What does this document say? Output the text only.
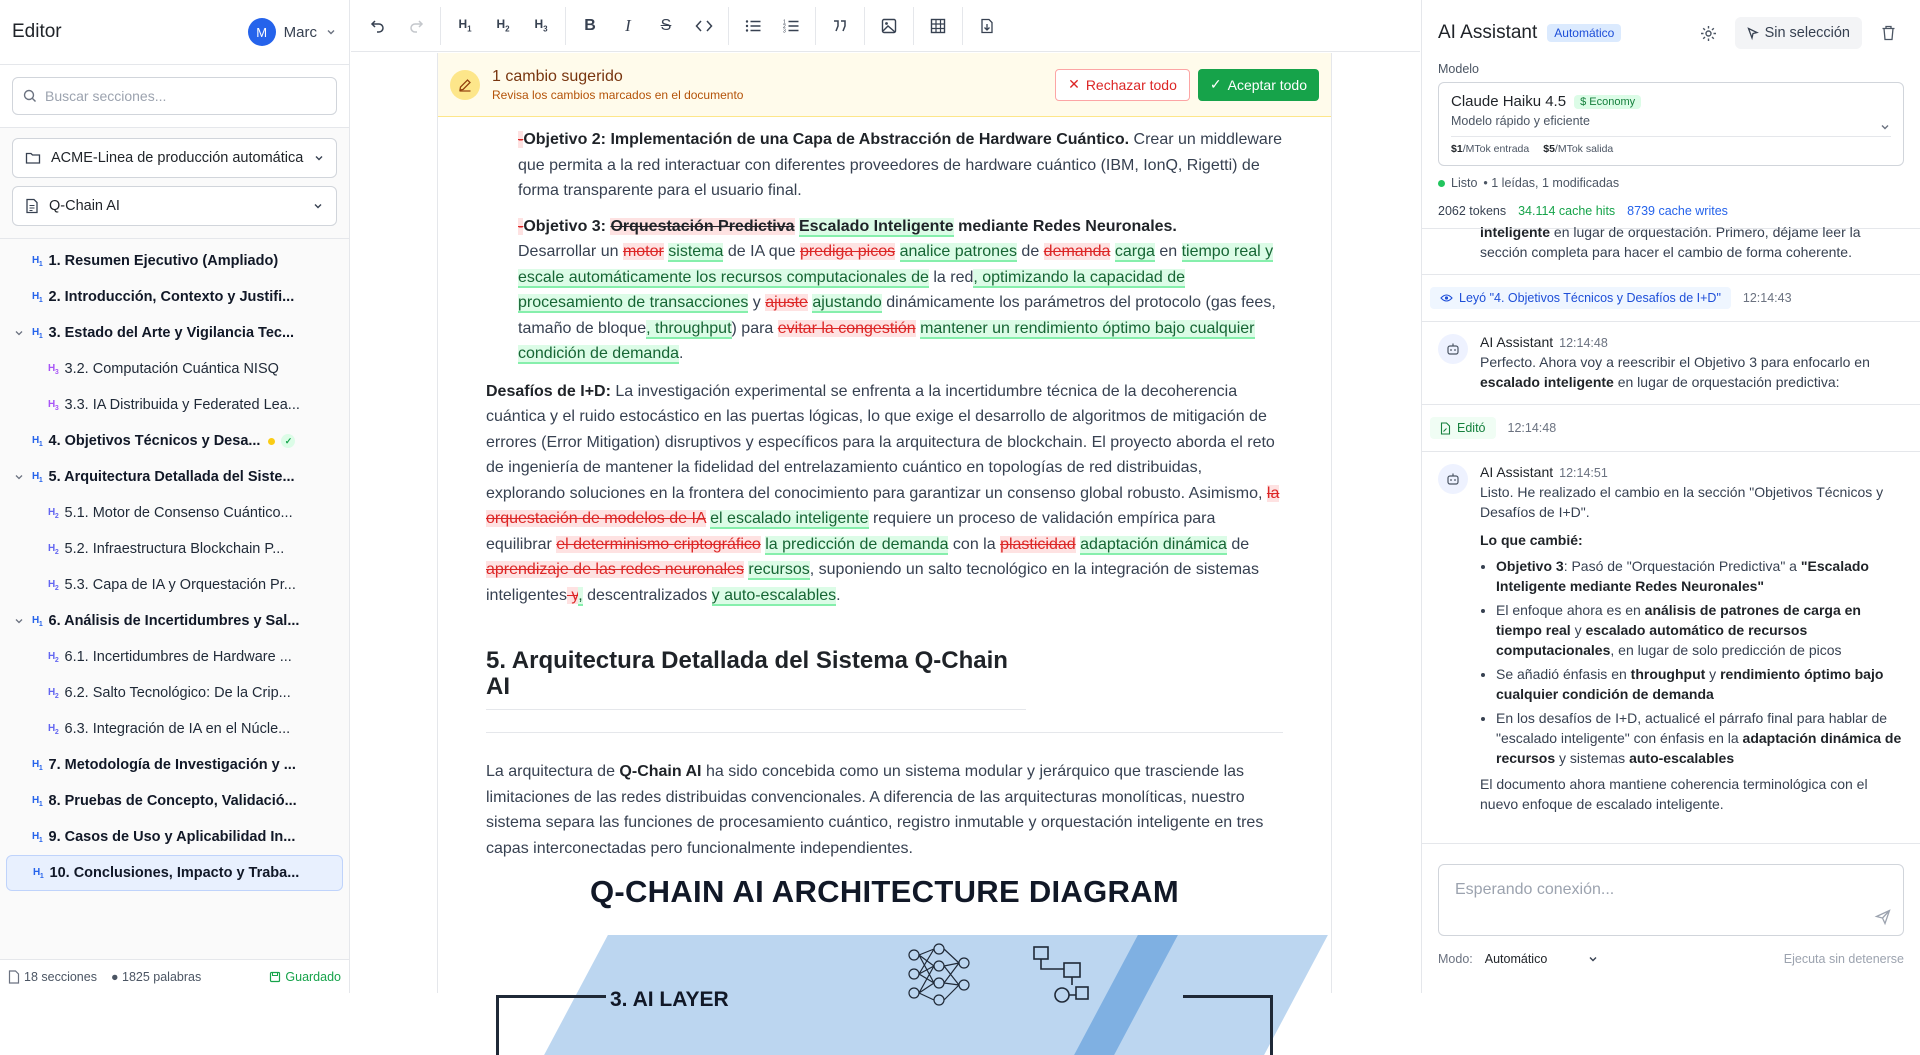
Editor	M	Marc
Buscar secciones...
ACME-Linea de producción automática
Q-Chain AI
$H_1$ 1. Resumen Ejecutivo (Ampliado)
$H_1$ 2. Introducción, Contexto y Justifi...
$H_1$ 3. Estado del Arte y Vigilancia Tec...
$H_3$ 3.2. Computación Cuántica NISQ
$H_3$ 3.3. IA Distribuida y Federated Lea...
$H_1$ 4. Objetivos Técnicos y Desa...	✓
$H_1$ 5. Arquitectura Detallada del Siste...
$H_2$ 5.1. Motor de Consenso Cuántico...
$H_2$ 5.2. Infraestructura Blockchain P...
$H_2$ 5.3. Capa de IA y Orquestación Pr...
$H_1$ 6. Análisis de Incertidumbres y Sal...
$H_2$ 6.1. Incertidumbres de Hardware ...
$H_2$ 6.2. Salto Tecnológico: De la Crip...
$H_2$ 6.3. Integración de IA en el Núcle...
$H_1$ 7. Metodología de Investigación y ...
$H_1$ 8. Pruebas de Concepto, Validació...
$H_1$ 9. Casos de Uso y Aplicabilidad In...
$H_1$ 10. Conclusiones, Impacto y Traba...
18 secciones ● 1825 palabras	Guardado
$H_1$ $H_2$ $H_3$ B I S	1
2
3
1 cambio sugerido
Revisa los cambios marcados en el documento
✕ Rechazar todo ✓ Aceptar todo

-Objetivo 2: Implementación de una Capa de Abstracción de Hardware Cuántico. Crear un middleware que permita a la red interactuar con diferentes proveedores de hardware cuántico (IBM, IonQ, Rigetti) de forma transparente para el usuario final.

-Objetivo 3: Orquestación Predictiva Escalado Inteligente mediante Redes Neuronales.
Desarrollar un motor sistema de IA que prediga picos analice patrones de demanda carga en tiempo real y escale automáticamente los recursos computacionales de la red, optimizando la capacidad de procesamiento de transacciones y ajuste ajustando dinámicamente los parámetros del protocolo (gas fees, tamaño de bloque, throughput) para evitar la congestión mantener un rendimiento óptimo bajo cualquier condición de demanda.

Desafíos de I+D: La investigación experimental se enfrenta a la incertidumbre técnica de la decoherencia cuántica y el ruido estocástico en las puertas lógicas, lo que exige el desarrollo de algoritmos de mitigación de errores (Error Mitigation) disruptivos y específicos para la arquitectura de blockchain. El proyecto aborda el reto de ingeniería de mantener la fidelidad del entrelazamiento cuántico en topologías de red distribuidas, explorando soluciones en la frontera del conocimiento para garantizar un consenso global robusto. Asimismo, la orquestación de modelos de IA el escalado inteligente requiere un proceso de validación empírica para equilibrar el determinismo criptográfico la predicción de demanda con la plasticidad adaptación dinámica de aprendizaje de las redes neuronales recursos, suponiendo un salto tecnológico en la integración de sistemas inteligentes y, descentralizados y auto-escalables.

5. Arquitectura Detallada del Sistema Q-Chain AI

La arquitectura de Q-Chain AI ha sido concebida como un sistema modular y jerárquico que trasciende las limitaciones de las redes distribuidas convencionales. A diferencia de las arquitecturas monolíticas, nuestro sistema separa las funciones de procesamiento cuántico, registro inmutable y orquestación inteligente en tres capas interconectadas pero funcionalmente independientes.

Q-CHAIN AI ARCHITECTURE DIAGRAM
3. AI LAYER
AI Assistant	Automático	Sin selección
Modelo
Claude Haiku 4.5	$ Economy
Modelo rápido y eficiente
$1/MTok entrada $5/MTok salida
Listo • 1 leídas, 1 modificadas
2062 tokens 34.114 cache hits 8739 cache writes
inteligente en lugar de orquestación. Primero, déjame leer la sección completa para hacer el cambio de forma coherente.
Leyó "4. Objetivos Técnicos y Desafíos de I+D" 12:14:43
AI Assistant 12:14:48
Perfecto. Ahora voy a reescribir el Objetivo 3 para enfocarlo en escalado inteligente en lugar de orquestación predictiva:
Editó 12:14:48
AI Assistant 12:14:51
Listo. He realizado el cambio en la sección "Objetivos Técnicos y Desafíos de I+D".
Lo que cambié:
• Objetivo 3: Pasó de "Orquestación Predictiva" a "Escalado Inteligente mediante Redes Neuronales"
• El enfoque ahora es en análisis de patrones de carga en tiempo real y escalado automático de recursos computacionales, en lugar de solo predicción de picos
• Se añadió énfasis en throughput y rendimiento óptimo bajo cualquier condición de demanda
• En los desafíos de I+D, actualicé el párrafo final para hablar de "escalado inteligente" con énfasis en la adaptación dinámica de recursos y sistemas auto-escalables
El documento ahora mantiene coherencia terminológica con el nuevo enfoque de escalado inteligente.
Esperando conexión...
Modo: Automático	Ejecuta sin detenerse
